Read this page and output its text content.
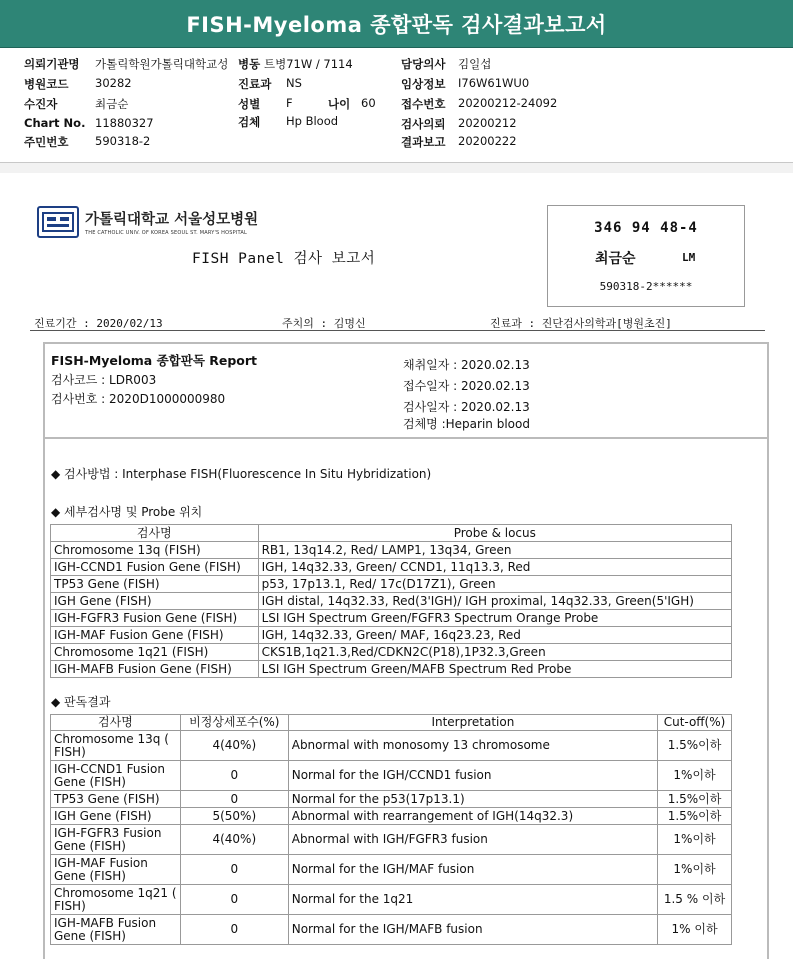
FISH-Myeloma 종합판독 검사결과보고서
의뢰기관명 가톨릭학원가톨릭대학교성 병동 트병71W / 7114	담당의사 김일섭
병원코드 30282	진료과 NS	임상정보 I76W61WU0
수진자	최금순	성별 F	나이 60 접수번호 20200212-24092
Chart No. 11880327	검체 Hp Blood	검사의뢰 20200212
주민번호 590318-2	결과보고 20200222
가톨릭대학교 서울성모병원
THE CATHOLIC UNIV. OF KOREA SEOUL ST. MARY'S HOSPITAL
FISH Panel 검사 보고서
346 94 48-4
최금순	LM
590318-2******
진료기간 : 2020/02/13	주치의 : 김명신	진료과 : 진단검사의학과[병원초진]
FISH-Myeloma 종합판독 Report
검사코드 : LDR003
검사번호 : 2020D1000000980
채취일자 : 2020.02.13
접수일자 : 2020.02.13
검사일자 : 2020.02.13
검체명 :Heparin blood
◆ 검사방법 : Interphase FISH(Fluorescence In Situ Hybridization)
◆ 세부검사명 및 Probe 위치
검사명	Probe & locus
Chromosome 13q (FISH)	RB1, 13q14.2, Red/ LAMP1, 13q34, Green
IGH-CCND1 Fusion Gene (FISH)	IGH, 14q32.33, Green/ CCND1, 11q13.3, Red
TP53 Gene (FISH)	p53, 17p13.1, Red/ 17c(D17Z1), Green
IGH Gene (FISH)	IGH distal, 14q32.33, Red(3'IGH)/ IGH proximal, 14q32.33, Green(5'IGH)
IGH-FGFR3 Fusion Gene (FISH)	LSI IGH Spectrum Green/FGFR3 Spectrum Orange Probe
IGH-MAF Fusion Gene (FISH)	IGH, 14q32.33, Green/ MAF, 16q23.23, Red
Chromosome 1q21 (FISH)	CKS1B,1q21.3,Red/CDKN2C(P18),1P32.3,Green
IGH-MAFB Fusion Gene (FISH)	LSI IGH Spectrum Green/MAFB Spectrum Red Probe
◆ 판독결과
검사명	비정상세포수(%)	Interpretation	Cut-off(%)
Chromosome 13q ( FISH)	4(40%)	Abnormal with monosomy 13 chromosome	1.5%이하
IGH-CCND1 Fusion Gene (FISH)	0	Normal for the IGH/CCND1 fusion	1%이하
TP53 Gene (FISH)	0	Normal for the p53(17p13.1)	1.5%이하
IGH Gene (FISH)	5(50%)	Abnormal with rearrangement of IGH(14q32.3)	1.5%이하
IGH-FGFR3 Fusion Gene (FISH)	4(40%)	Abnormal with IGH/FGFR3 fusion	1%이하
IGH-MAF Fusion Gene (FISH)	0	Normal for the IGH/MAF fusion	1%이하
Chromosome 1q21 ( FISH)	0	Normal for the 1q21	1.5 % 이하
IGH-MAFB Fusion Gene (FISH)	0	Normal for the IGH/MAFB fusion	1% 이하
